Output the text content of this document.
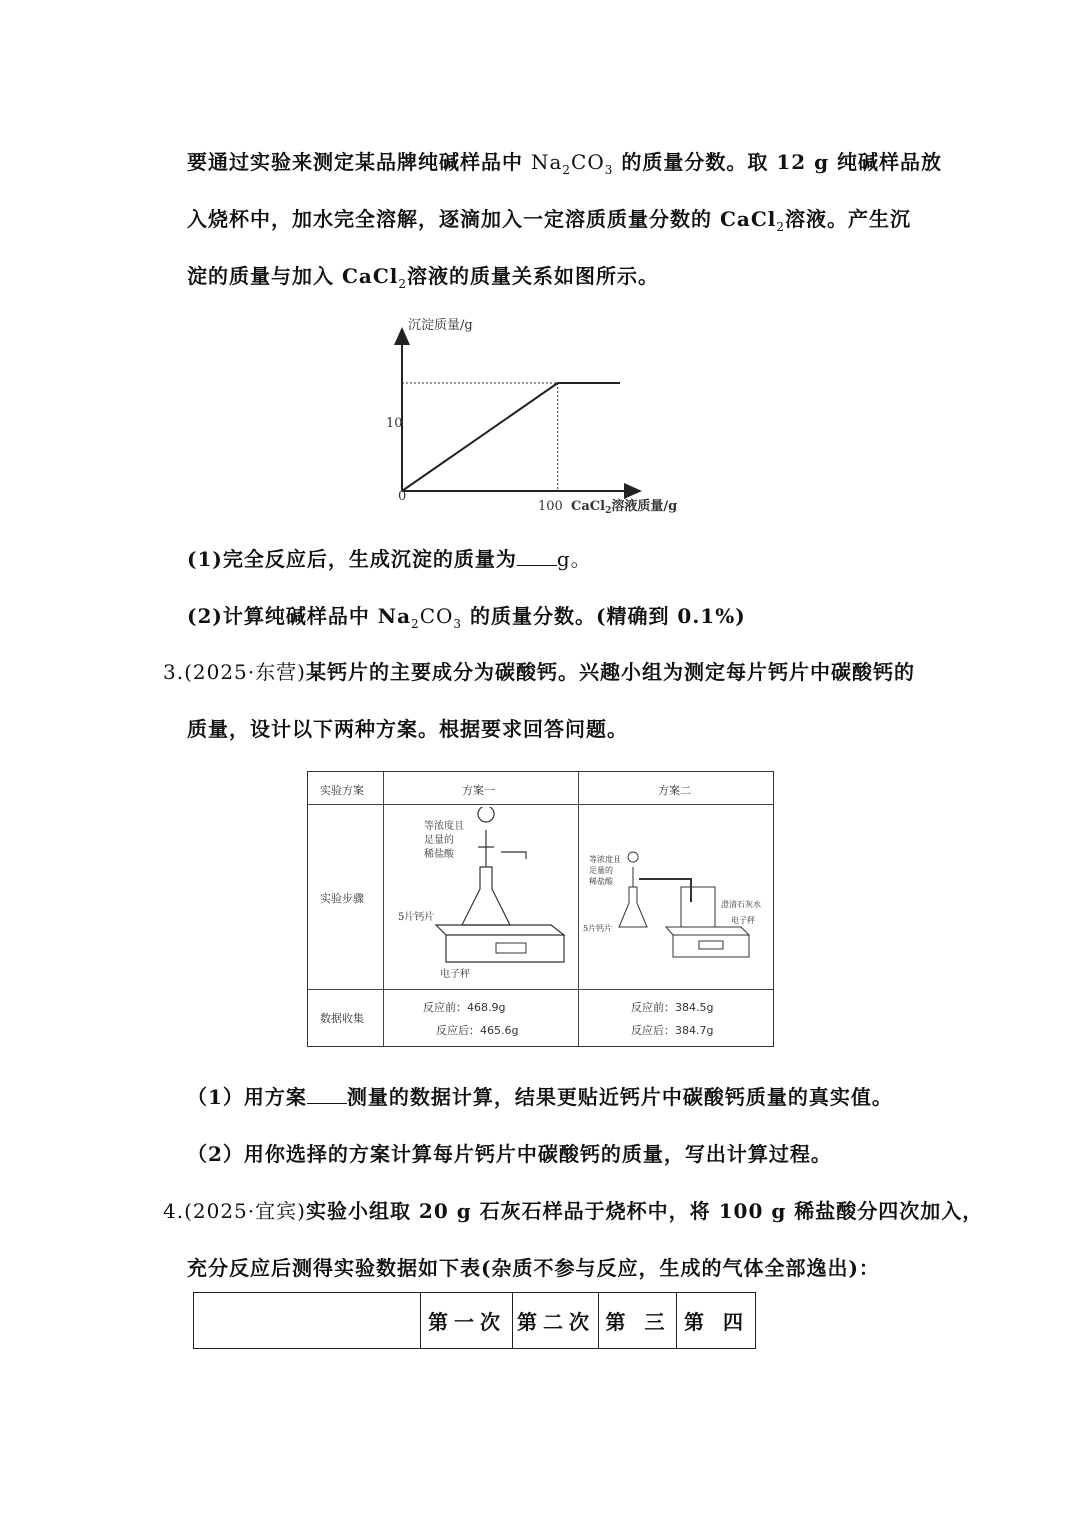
要通过实验来测定某品牌纯碱样品中 $Na_2CO_3$ 的质量分数。取 12 g 纯碱样品放
入烧杯中，加水完全溶解，逐滴加入一定溶质质量分数的 CaCl$_2$溶液。产生沉
淀的质量与加入 CaCl$_2$溶液的质量关系如图所示。
沉淀质量/g
0
10
100 CaCl$_2$溶液质量/g
(1)完全反应后，生成沉淀的质量为 g。
(2)计算纯碱样品中 $Na_2CO_3$ 的质量分数。(精确到 0.1%)
3.(2025·东营)某钙片的主要成分为碳酸钙。兴趣小组为测定每片钙片中碳酸钙的
质量，设计以下两种方案。根据要求回答问题。
实验方案	方案一	方案二
实验步骤
数据收集
等浓度且
足量的
稀盐酸
5片钙片
电子秤
等浓度且
足量的
稀盐酸
5片钙片
澄清石灰水
电子秤
反应前：468.9g
反应后：465.6g
反应前：384.5g
反应后：384.7g
（1）用方案 测量的数据计算，结果更贴近钙片中碳酸钙质量的真实值。
（2）用你选择的方案计算每片钙片中碳酸钙的质量，写出计算过程。
4.(2025·宜宾)实验小组取 20 g 石灰石样品于烧杯中，将 100 g 稀盐酸分四次加入，
充分反应后测得实验数据如下表(杂质不参与反应，生成的气体全部逸出)：
第一次 第二次 第 三 第 四
